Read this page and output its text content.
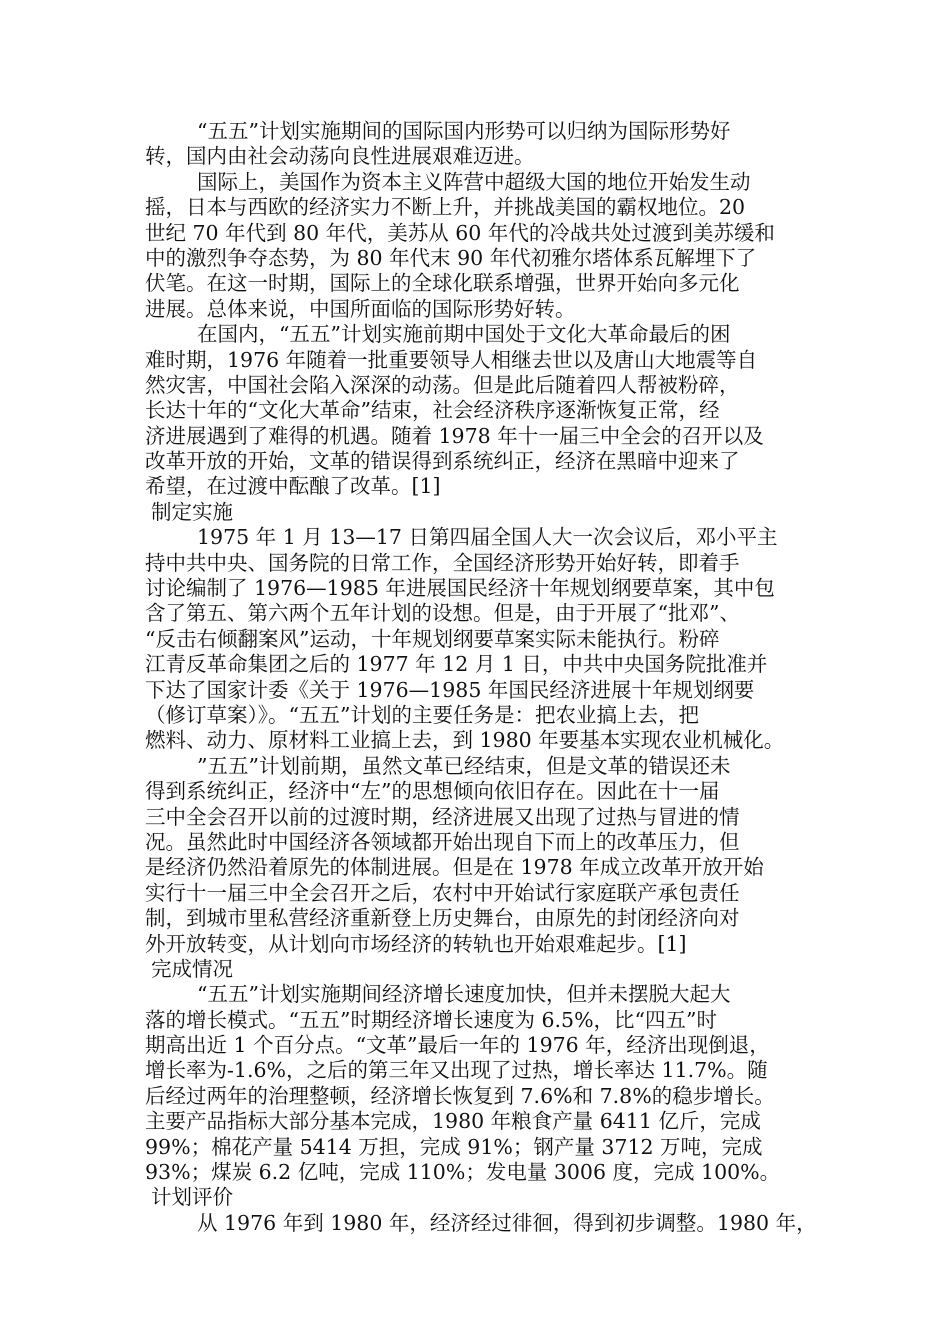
“五五”计划实施期间的国际国内形势可以归纳为国际形势好
转，国内由社会动荡向良性进展艰难迈进。
国际上，美国作为资本主义阵营中超级大国的地位开始发生动
摇，日本与西欧的经济实力不断上升，并挑战美国的霸权地位。20
世纪 70 年代到 80 年代，美苏从 60 年代的冷战共处过渡到美苏缓和
中的激烈争夺态势，为 80 年代末 90 年代初雅尔塔体系瓦解埋下了
伏笔。在这一时期，国际上的全球化联系增强，世界开始向多元化
进展。总体来说，中国所面临的国际形势好转。
在国内，“五五”计划实施前期中国处于文化大革命最后的困
难时期，1976 年随着一批重要领导人相继去世以及唐山大地震等自
然灾害，中国社会陷入深深的动荡。但是此后随着四人帮被粉碎，
长达十年的“文化大革命”结束，社会经济秩序逐渐恢复正常，经
济进展遇到了难得的机遇。随着 1978 年十一届三中全会的召开以及
改革开放的开始，文革的错误得到系统纠正，经济在黑暗中迎来了
希望，在过渡中酝酿了改革。[1]
制定实施
1975 年 1 月 13—17 日第四届全国人大一次会议后，邓小平主
持中共中央、国务院的日常工作，全国经济形势开始好转，即着手
讨论编制了 1976—1985 年进展国民经济十年规划纲要草案，其中包
含了第五、第六两个五年计划的设想。但是，由于开展了“批邓”、
“反击右倾翻案风”运动，十年规划纲要草案实际未能执行。粉碎
江青反革命集团之后的 1977 年 12 月 1 日，中共中央国务院批准并
下达了国家计委《关于 1976—1985 年国民经济进展十年规划纲要
（修订草案）》。“五五”计划的主要任务是：把农业搞上去，把
燃料、动力、原材料工业搞上去，到 1980 年要基本实现农业机械化。
”五五”计划前期，虽然文革已经结束，但是文革的错误还未
得到系统纠正，经济中“左”的思想倾向依旧存在。因此在十一届
三中全会召开以前的过渡时期，经济进展又出现了过热与冒进的情
况。虽然此时中国经济各领域都开始出现自下而上的改革压力，但
是经济仍然沿着原先的体制进展。但是在 1978 年成立改革开放开始
实行十一届三中全会召开之后，农村中开始试行家庭联产承包责任
制，到城市里私营经济重新登上历史舞台，由原先的封闭经济向对
外开放转变，从计划向市场经济的转轨也开始艰难起步。[1]
完成情况
“五五”计划实施期间经济增长速度加快，但并未摆脱大起大
落的增长模式。“五五”时期经济增长速度为 6.5%，比“四五”时
期高出近 1 个百分点。“文革”最后一年的 1976 年，经济出现倒退，
增长率为-1.6%，之后的第三年又出现了过热，增长率达 11.7%。随
后经过两年的治理整顿，经济增长恢复到 7.6%和 7.8%的稳步增长。
主要产品指标大部分基本完成，1980 年粮食产量 6411 亿斤，完成
99%；棉花产量 5414 万担，完成 91%；钢产量 3712 万吨，完成
93%；煤炭 6.2 亿吨，完成 110%；发电量 3006 度，完成 100%。
计划评价
从 1976 年到 1980 年，经济经过徘徊，得到初步调整。1980 年，
